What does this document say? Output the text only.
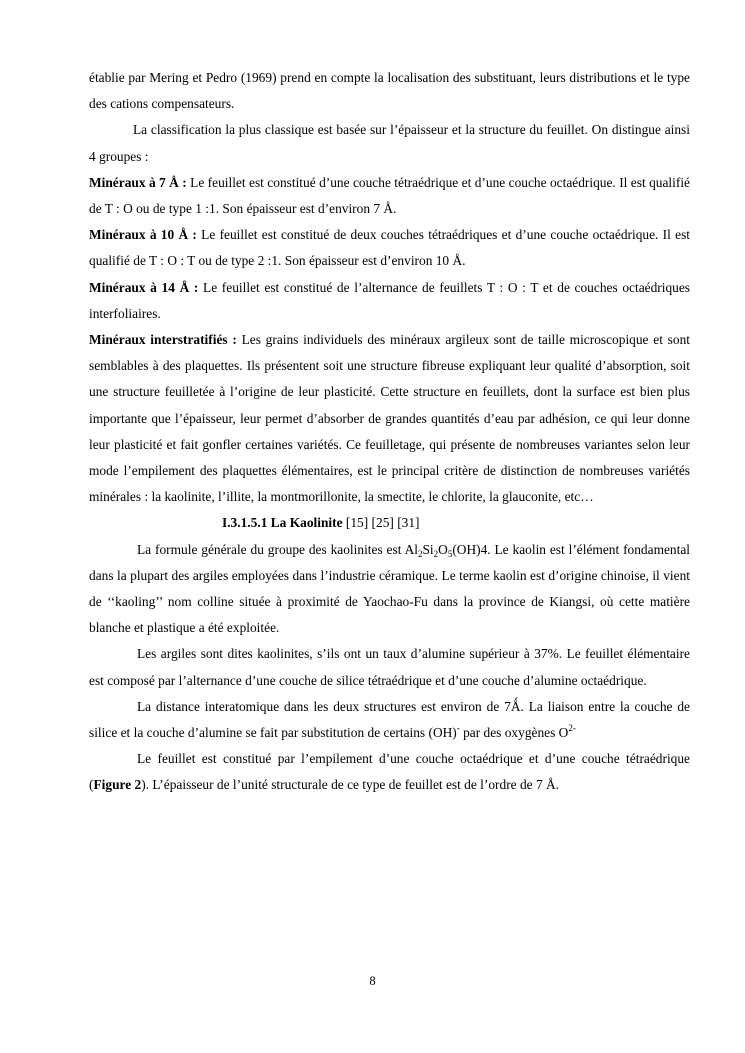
établie par Mering et Pedro (1969) prend en compte la localisation des substituant, leurs distributions et le type des cations compensateurs.

La classification la plus classique est basée sur l’épaisseur et la structure du feuillet. On distingue ainsi 4 groupes :

Minéraux à 7 Å : Le feuillet est constitué d’une couche tétraédrique et d’une couche octaédrique. Il est qualifié de T : O ou de type 1 :1. Son épaisseur est d’environ 7 Å.

Minéraux à 10 Å : Le feuillet est constitué de deux couches tétraédriques et d’une couche octaédrique. Il est qualifié de T : O : T ou de type 2 :1. Son épaisseur est d’environ 10 Å.

Minéraux à 14 Å : Le feuillet est constitué de l’alternance de feuillets T : O : T et de couches octaédriques interfoliaires.

Minéraux interstratifiés : Les grains individuels des minéraux argileux sont de taille microscopique et sont semblables à des plaquettes. Ils présentent soit une structure fibreuse expliquant leur qualité d’absorption, soit une structure feuilletée à l’origine de leur plasticité. Cette structure en feuillets, dont la surface est bien plus importante que l’épaisseur, leur permet d’absorber de grandes quantités d’eau par adhésion, ce qui leur donne leur plasticité et fait gonfler certaines variétés. Ce feuilletage, qui présente de nombreuses variantes selon leur mode l’empilement des plaquettes élémentaires, est le principal critère de distinction de nombreuses variétés minérales : la kaolinite, l’illite, la montmorillonite, la smectite, le chlorite, la glauconite, etc…

I.3.1.5.1 La Kaolinite [15] [25] [31]

La formule générale du groupe des kaolinites est $Al_2Si_2O_5(OH)4$. Le kaolin est l’élément fondamental dans la plupart des argiles employées dans l’industrie céramique. Le terme kaolin est d’origine chinoise, il vient de ‘‘kaoling’’ nom colline située à proximité de Yaochao-Fu dans la province de Kiangsi, où cette matière blanche et plastique a été exploitée.

Les argiles sont dites kaolinites, s’ils ont un taux d’alumine supérieur à 37%. Le feuillet élémentaire est composé par l’alternance d’une couche de silice tétraédrique et d’une couche d’alumine octaédrique.

La distance interatomique dans les deux structures est environ de 7Ǻ. La liaison entre la couche de silice et la couche d’alumine se fait par substitution de certains (OH)- par des oxygènes $O^{2-}$

Le feuillet est constitué par l’empilement d’une couche octaédrique et d’une couche tétraédrique (Figure 2). L’épaisseur de l’unité structurale de ce type de feuillet est de l’ordre de 7 Å.

8
